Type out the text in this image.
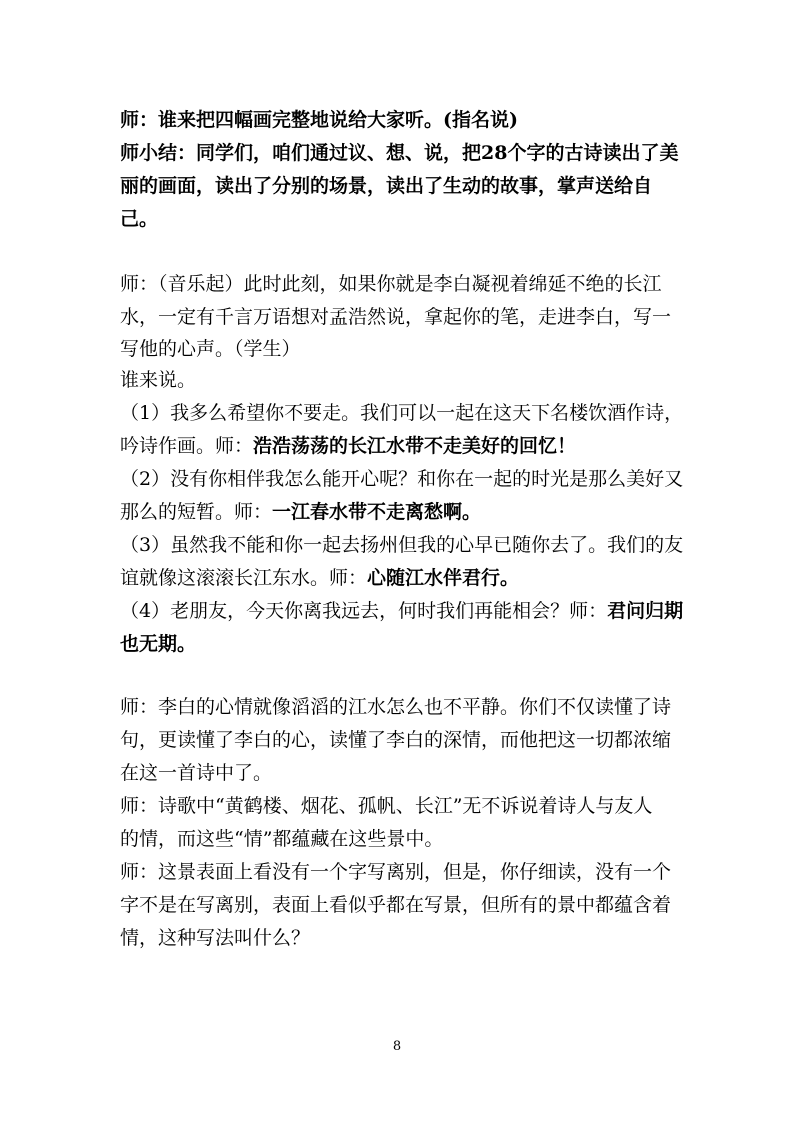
师：谁来把四幅画完整地说给大家听。(指名说)

师小结：同学们，咱们通过议、想、说，把28个字的古诗读出了美

丽的画面，读出了分别的场景，读出了生动的故事，掌声送给自

己。

师：（音乐起）此时此刻，如果你就是李白凝视着绵延不绝的长江

水，一定有千言万语想对孟浩然说，拿起你的笔，走进李白，写一

写他的心声。（学生）

谁来说。

（1）我多么希望你不要走。我们可以一起在这天下名楼饮酒作诗，

吟诗作画。师：浩浩荡荡的长江水带不走美好的回忆！

（2）没有你相伴我怎么能开心呢？和你在一起的时光是那么美好又

那么的短暂。师：一江春水带不走离愁啊。

（3）虽然我不能和你一起去扬州但我的心早已随你去了。我们的友

谊就像这滚滚长江东水。师：心随江水伴君行。

（4）老朋友，今天你离我远去，何时我们再能相会？师：君问归期

也无期。

师：李白的心情就像滔滔的江水怎么也不平静。你们不仅读懂了诗

句，更读懂了李白的心，读懂了李白的深情，而他把这一切都浓缩

在这一首诗中了。

师：诗歌中“黄鹤楼、烟花、孤帆、长江”无不诉说着诗人与友人

的情，而这些“情”都蕴藏在这些景中。

师：这景表面上看没有一个字写离别，但是，你仔细读，没有一个

字不是在写离别，表面上看似乎都在写景，但所有的景中都蕴含着

情，这种写法叫什么？

8
